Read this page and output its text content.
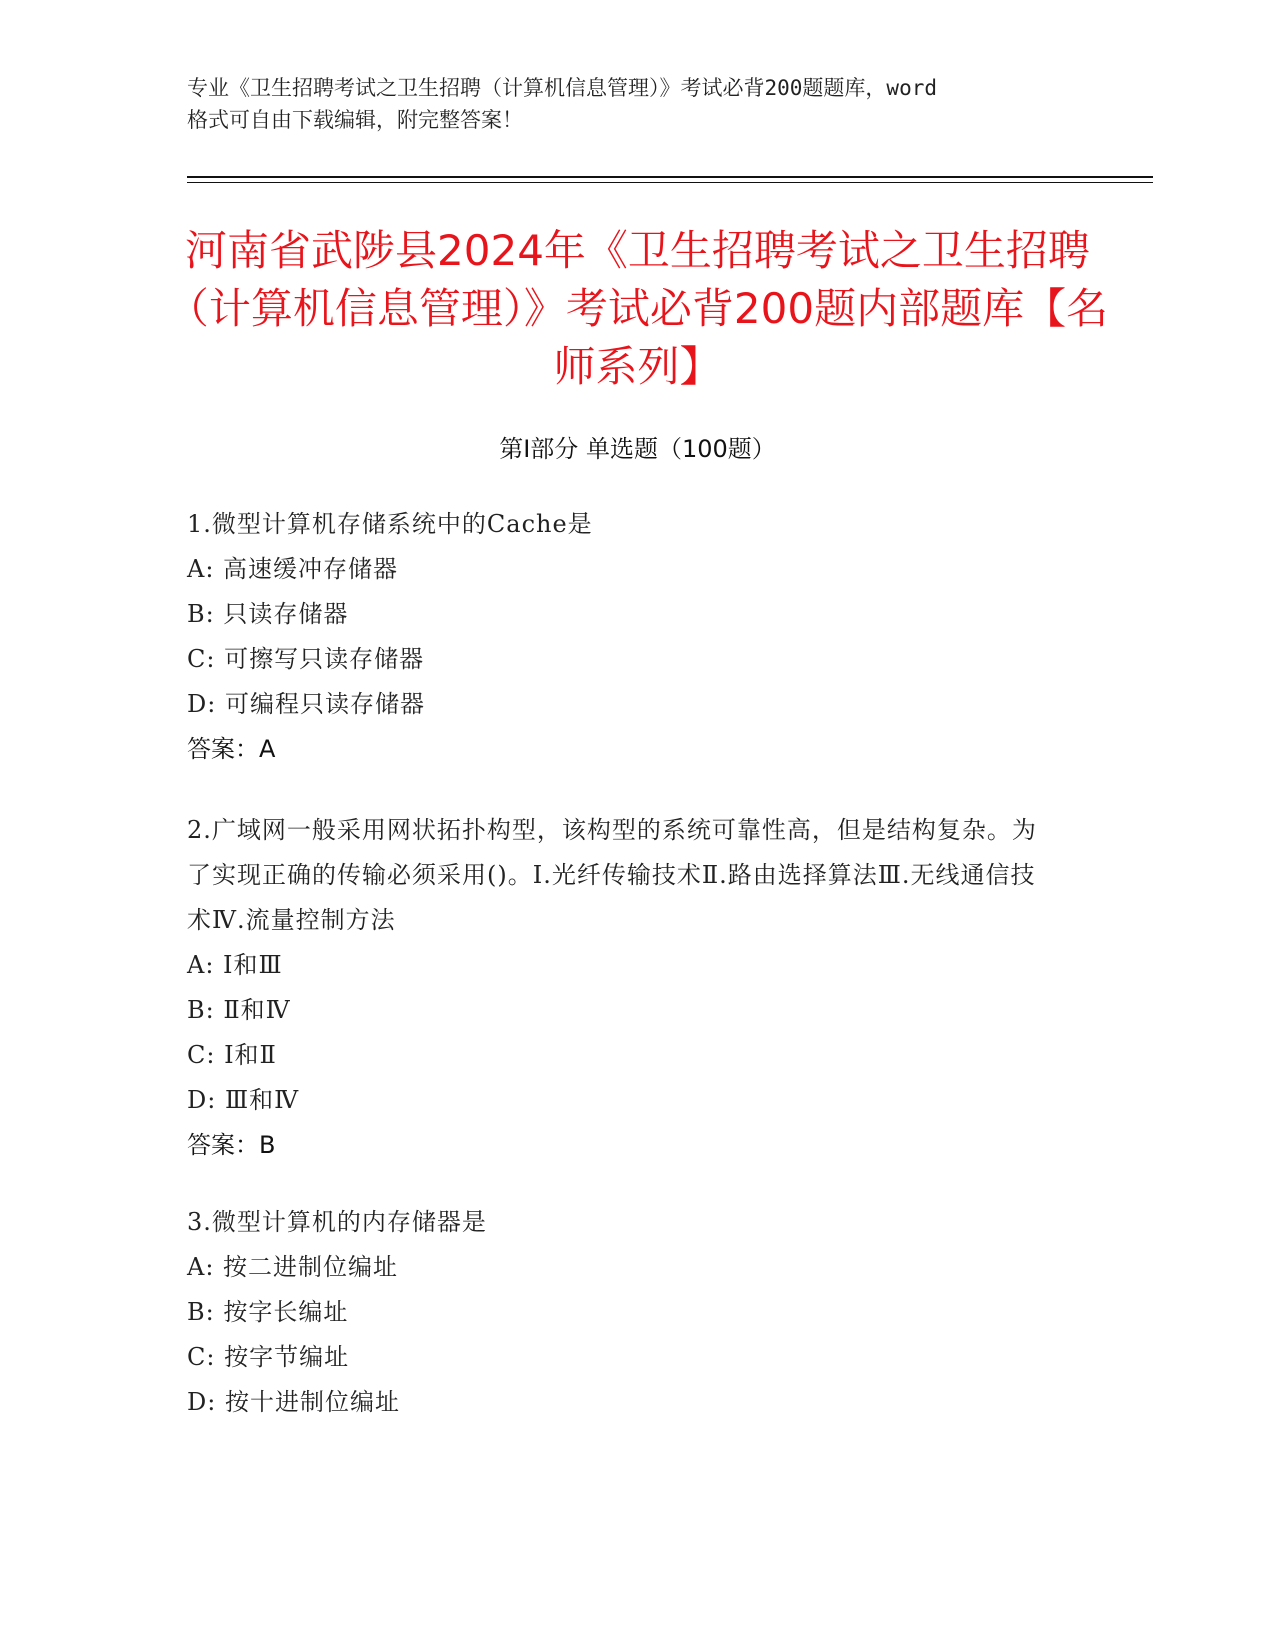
专业《卫生招聘考试之卫生招聘（计算机信息管理）》考试必背200题题库，word
格式可自由下载编辑，附完整答案！
河南省武陟县2024年《卫生招聘考试之卫生招聘（计算机信息管理）》考试必背200题内部题库【名师系列】
第Ⅰ部分 单选题（100题）
1.微型计算机存储系统中的Cache是
A: 高速缓冲存储器
B: 只读存储器
C: 可擦写只读存储器
D: 可编程只读存储器
答案：A
2.广域网一般采用网状拓扑构型，该构型的系统可靠性高，但是结构复杂。为了实现正确的传输必须采用()。Ⅰ.光纤传输技术Ⅱ.路由选择算法Ⅲ.无线通信技术Ⅳ.流量控制方法
A: Ⅰ和Ⅲ
B: Ⅱ和Ⅳ
C: Ⅰ和Ⅱ
D: Ⅲ和Ⅳ
答案：B
3.微型计算机的内存储器是
A: 按二进制位编址
B: 按字长编址
C: 按字节编址
D: 按十进制位编址
